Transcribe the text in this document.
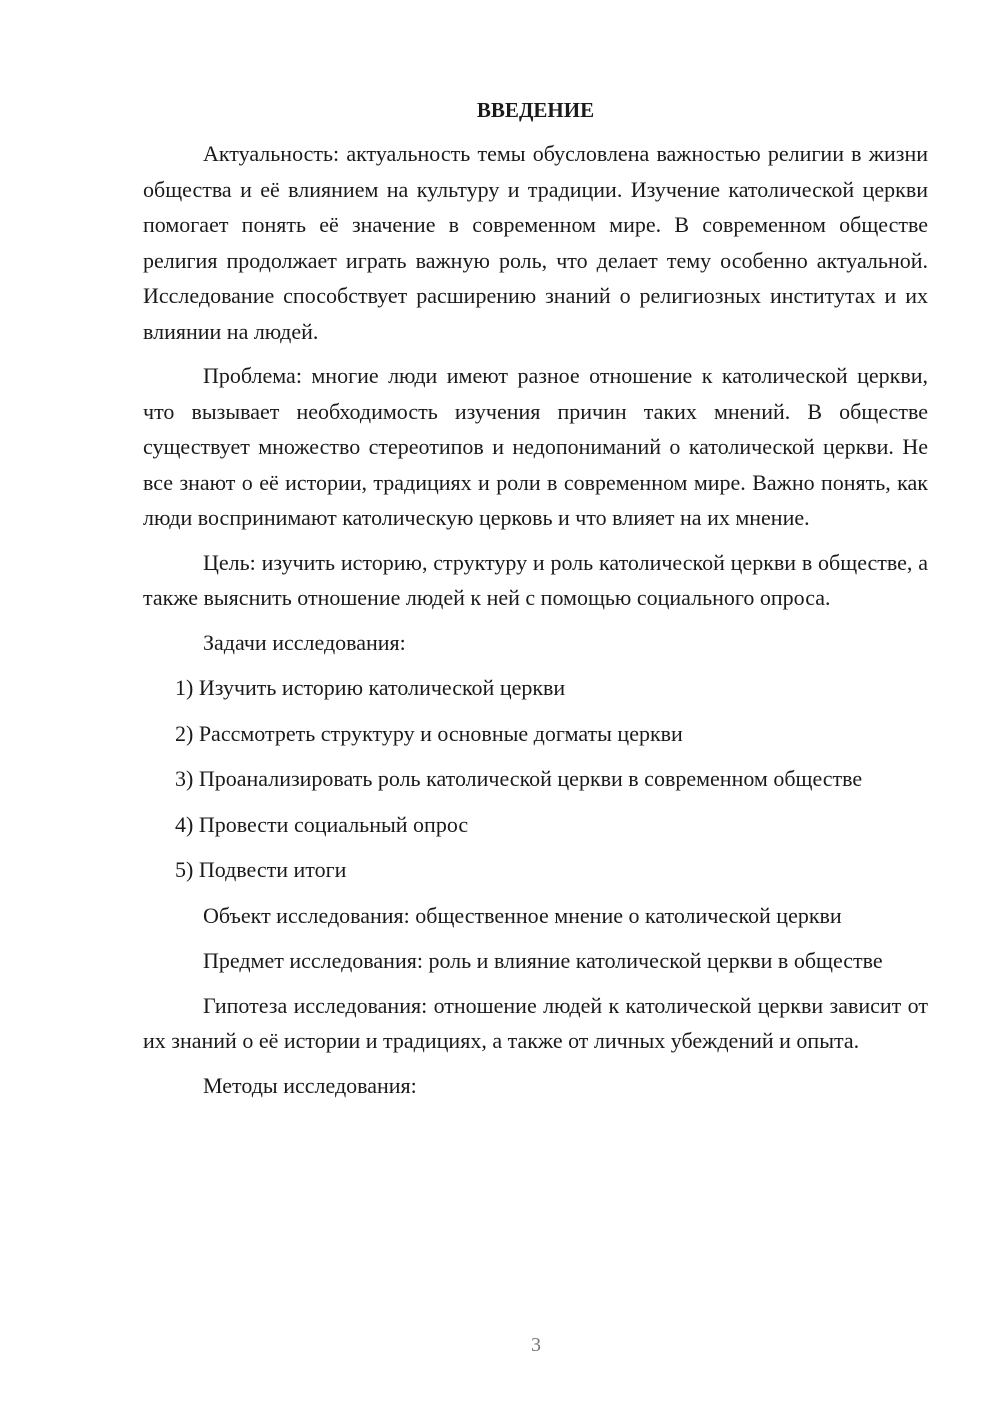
ВВЕДЕНИЕ

Актуальность: актуальность темы обусловлена важностью религии в жизни общества и её влиянием на культуру и традиции. Изучение католической церкви помогает понять её значение в современном мире. В современном обществе религия продолжает играть важную роль, что делает тему особенно актуальной. Исследование способствует расширению знаний о религиозных институтах и их влиянии на людей.

Проблема: многие люди имеют разное отношение к католической церкви, что вызывает необходимость изучения причин таких мнений. В обществе существует множество стереотипов и недопониманий о католической церкви. Не все знают о её истории, традициях и роли в современном мире. Важно понять, как люди воспринимают католическую церковь и что влияет на их мнение.

Цель: изучить историю, структуру и роль католической церкви в обществе, а также выяснить отношение людей к ней с помощью социального опроса.

Задачи исследования:

1) Изучить историю католической церкви

2) Рассмотреть структуру и основные догматы церкви

3) Проанализировать роль католической церкви в современном обществе

4) Провести социальный опрос

5) Подвести итоги

Объект исследования: общественное мнение о католической церкви

Предмет исследования: роль и влияние католической церкви в обществе

Гипотеза исследования: отношение людей к католической церкви зависит от их знаний о её истории и традициях, а также от личных убеждений и опыта.

Методы исследования:

3
